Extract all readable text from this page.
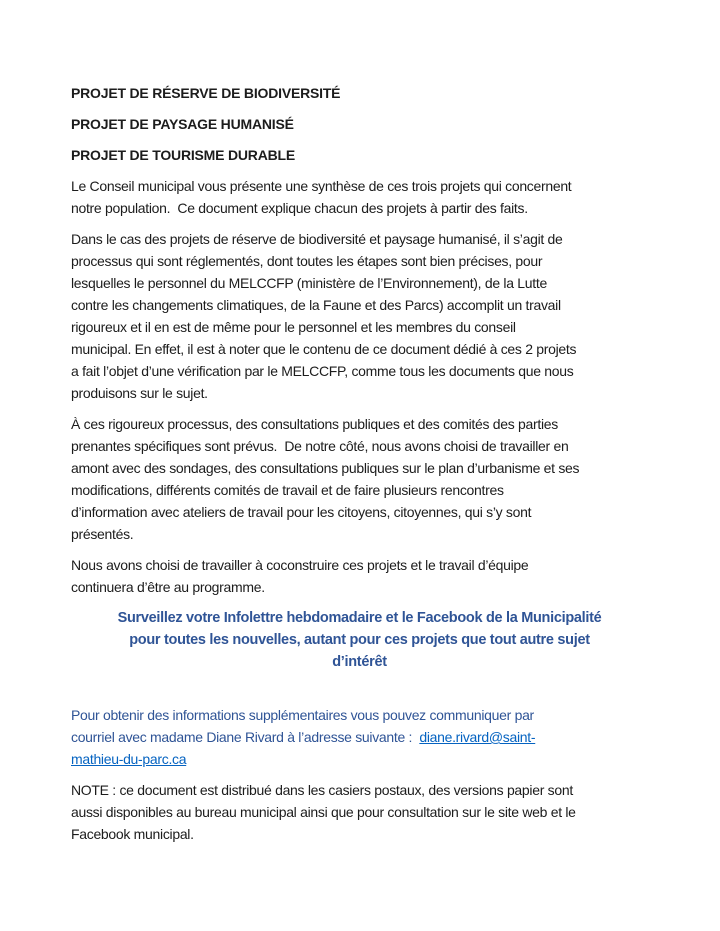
PROJET DE RÉSERVE DE BIODIVERSITÉ
PROJET DE PAYSAGE HUMANISÉ
PROJET DE TOURISME DURABLE
Le Conseil municipal vous présente une synthèse de ces trois projets qui concernent
notre population.  Ce document explique chacun des projets à partir des faits.
Dans le cas des projets de réserve de biodiversité et paysage humanisé, il s’agit de
processus qui sont réglementés, dont toutes les étapes sont bien précises, pour
lesquelles le personnel du MELCCFP (ministère de l’Environnement), de la Lutte
contre les changements climatiques, de la Faune et des Parcs) accomplit un travail
rigoureux et il en est de même pour le personnel et les membres du conseil
municipal. En effet, il est à noter que le contenu de ce document dédié à ces 2 projets
a fait l’objet d’une vérification par le MELCCFP, comme tous les documents que nous
produisons sur le sujet.
À ces rigoureux processus, des consultations publiques et des comités des parties
prenantes spécifiques sont prévus.  De notre côté, nous avons choisi de travailler en
amont avec des sondages, des consultations publiques sur le plan d’urbanisme et ses
modifications, différents comités de travail et de faire plusieurs rencontres
d’information avec ateliers de travail pour les citoyens, citoyennes, qui s’y sont
présentés.
Nous avons choisi de travailler à coconstruire ces projets et le travail d’équipe
continuera d’être au programme.
Surveillez votre Infolettre hebdomadaire et le Facebook de la Municipalité
pour toutes les nouvelles, autant pour ces projets que tout autre sujet
d’intérêt
Pour obtenir des informations supplémentaires vous pouvez communiquer par
courriel avec madame Diane Rivard à l’adresse suivante :  diane.rivard@saint-
mathieu-du-parc.ca
NOTE : ce document est distribué dans les casiers postaux, des versions papier sont
aussi disponibles au bureau municipal ainsi que pour consultation sur le site web et le
Facebook municipal.
